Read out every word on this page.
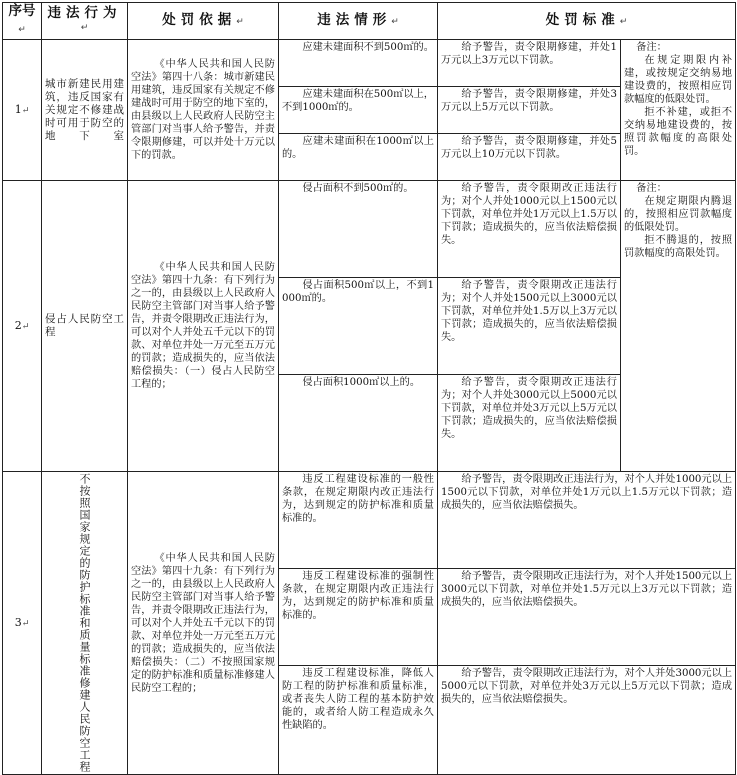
序号↵	违法行为↵	处罚依据↵	违法情形↵	处罚标准↵	
1↵	城市新建民用建筑，违反国家有关规定不修建战时可用于防空的地下室	《中华人民共和国人民防空法》第四十八条：城市新建民用建筑，违反国家有关规定不修建战时可用于防空的地下室的，由县级以上人民政府人民防空主管部门对当事人给予警告，并责令限期修建，可以并处十万元以下的罚款。	应建未建面积不到500㎡的。	给予警告，责令限期修建，并处1万元以上3万元以下罚款。	备注：

在规定期限内补建，或按规定交纳易地建设费的，按照相应罚款幅度的低限处罚。

拒不补建，或拒不交纳易地建设费的，按照罚款幅度的高限处罚。

			应建未建面积在500㎡以上，不到1000㎡的。	给予警告，责令限期修建，并处3万元以上5万元以下罚款。	
			应建未建面积在1000㎡以上的。	给予警告，责令限期修建，并处5万元以上10万元以下罚款。	
2↵	侵占人民防空工程	《中华人民共和国人民防空法》第四十九条：有下列行为之一的，由县级以上人民政府人民防空主管部门对当事人给予警告，并责令限期改正违法行为，可以对个人并处五千元以下的罚款、对单位并处一万元至五万元的罚款；造成损失的，应当依法赔偿损失：（一）侵占人民防空工程的；	侵占面积不到500㎡的。	给予警告，责令限期改正违法行为；对个人并处1000元以上1500元以下罚款，对单位并处1万元以上1.5万以下罚款；造成损失的，应当依法赔偿损失。	备注：

在规定期限内腾退的，按照相应罚款幅度的低限处罚。

拒不腾退的，按照罚款幅度的高限处罚。

			侵占面积500㎡以上，不到1000㎡的。	给予警告，责令限期改正违法行为；对个人并处1500元以上3000元以下罚款，对单位并处1.5万以上3万元以下罚款；造成损失的，应当依法赔偿损失。	
			侵占面积1000㎡以上的。	给予警告，责令限期改正违法行为；对个人并处3000元以上5000元以下罚款，对单位并处3万元以上5万元以下罚款；造成损失的，应当依法赔偿损失。	
3↵	不按照国家规定的防护标准和质量标准修建人民防空工程	《中华人民共和国人民防空法》第四十九条：有下列行为之一的，由县级以上人民政府人民防空主管部门对当事人给予警告，并责令限期改正违法行为，可以对个人并处五千元以下的罚款、对单位并处一万元至五万元的罚款；造成损失的，应当依法赔偿损失：（二）不按照国家规定的防护标准和质量标准修建人民防空工程的；	违反工程建设标准的一般性条款，在规定期限内改正违法行为，达到规定的防护标准和质量标准的。	给予警告，责令限期改正违法行为，对个人并处1000元以上1500元以下罚款，对单位并处1万元以上1.5万元以下罚款；造成损失的，应当依法赔偿损失。	
			违反工程建设标准的强制性条款，在规定期限内改正违法行为，达到规定的防护标准和质量标准的。	给予警告，责令限期改正违法行为，对个人并处1500元以上3000元以下罚款，对单位并处1.5万元以上3万元以下罚款；造成损失的，应当依法赔偿损失。	
			违反工程建设标准，降低人防工程的防护标准和质量标准，或者丧失人防工程的基本防护效能的，或者给人防工程造成永久性缺陷的。	给予警告，责令限期改正违法行为，对个人并处3000元以上5000元以下罚款，对单位并处3万元以上5万元以下罚款；造成损失的，应当依法赔偿损失。	
